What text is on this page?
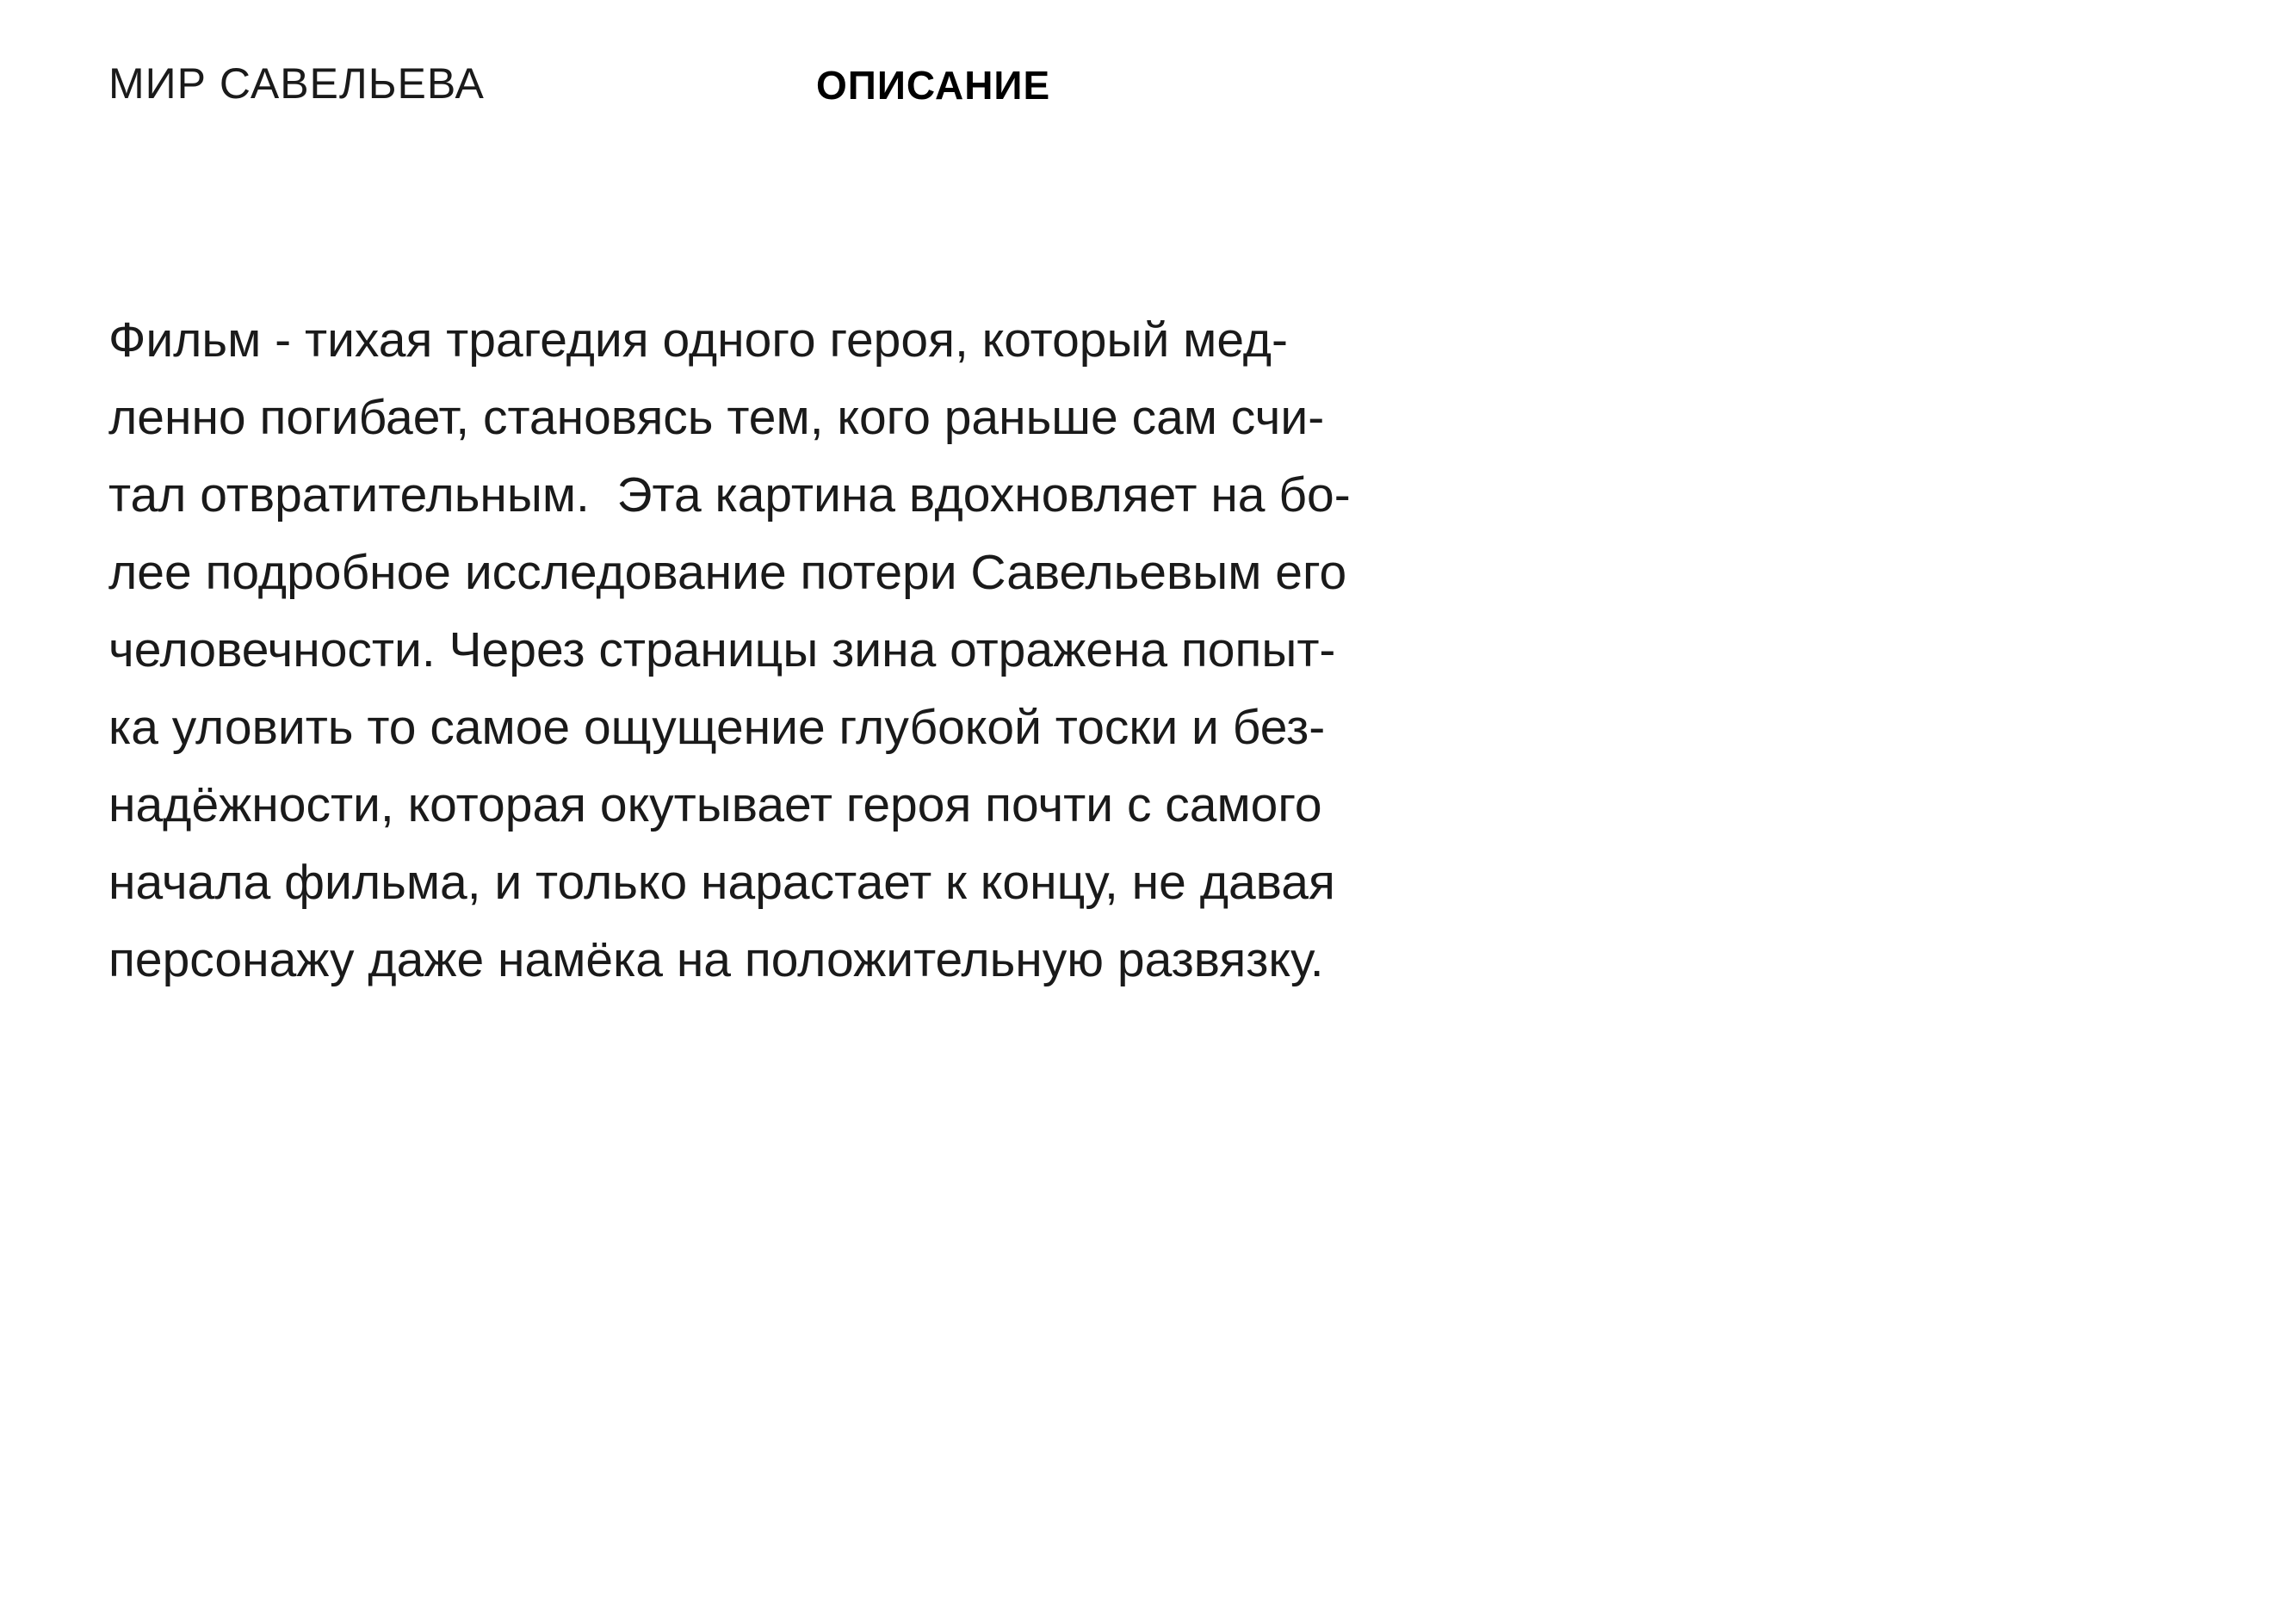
МИР САВЕЛЬЕВА	ОПИСАНИЕ
Фильм - тихая трагедия одного героя, который мед-
ленно погибает, становясь тем, кого раньше сам счи-
тал отвратительным.  Эта картина вдохновляет на бо-
лее подробное исследование потери Савельевым его
человечности. Через страницы зина отражена попыт-
ка уловить то самое ощущение глубокой тоски и без-
надёжности, которая окутывает героя почти с самого
начала фильма, и только нарастает к концу, не давая
персонажу даже намёка на положительную развязку.
